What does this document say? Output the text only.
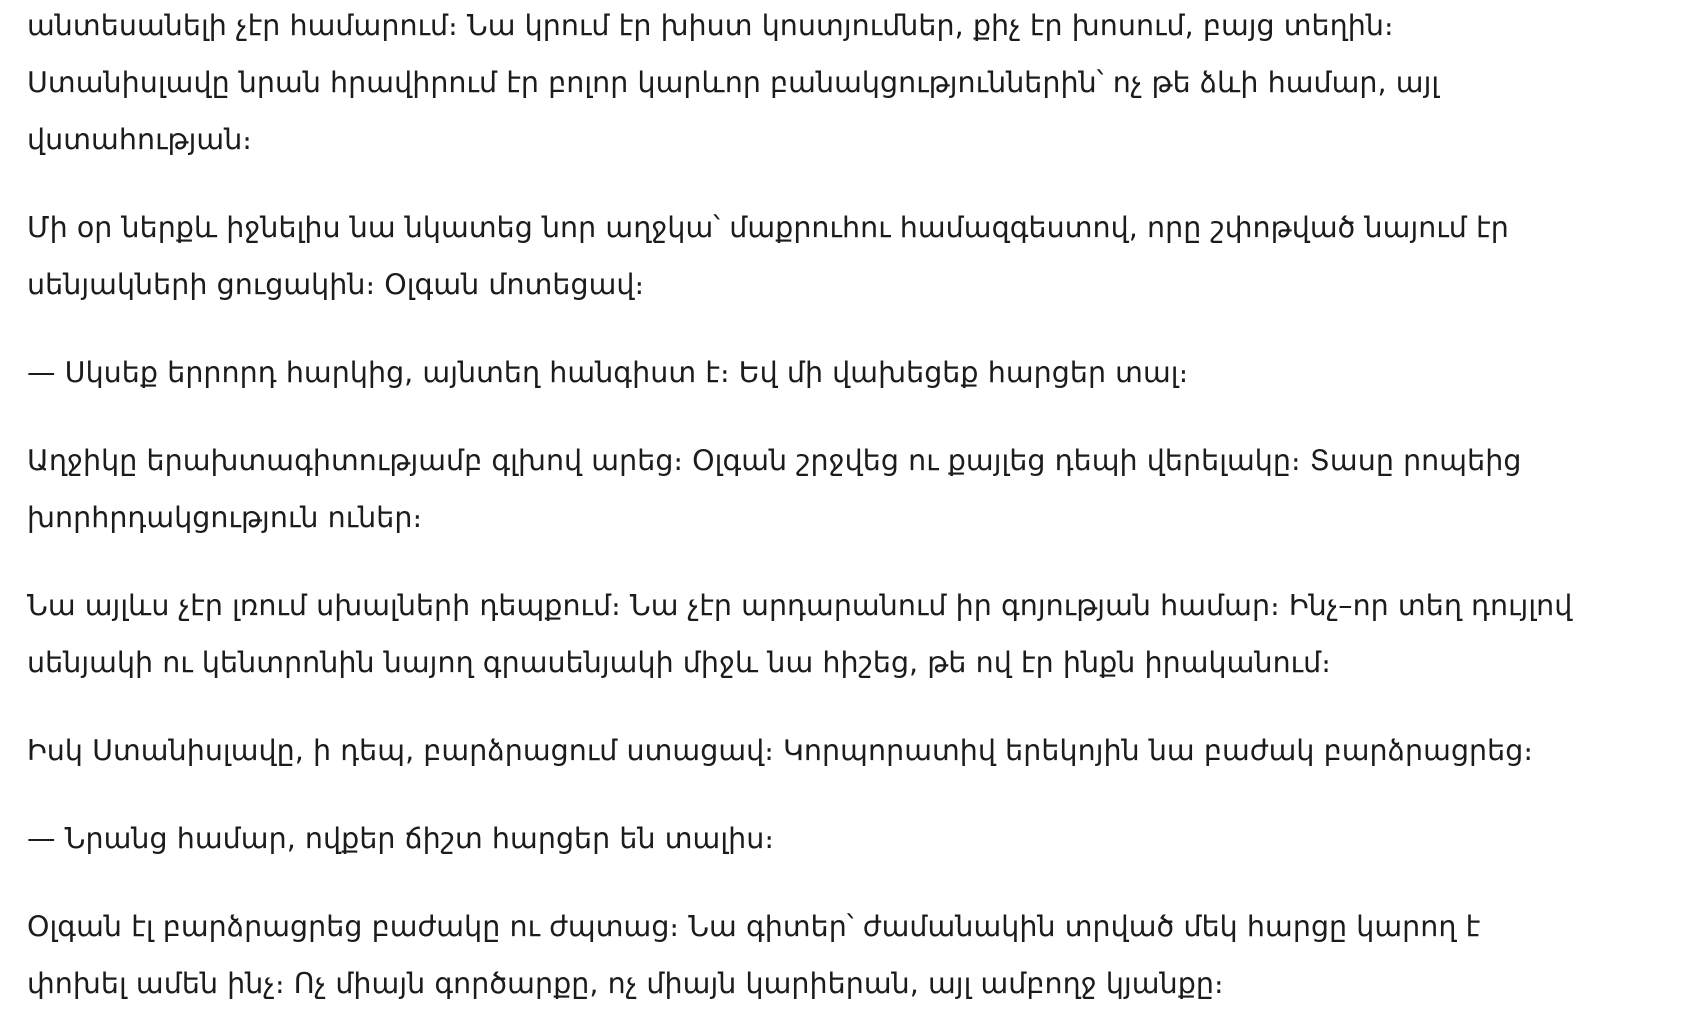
անտեսանելի չէր համարում։ Նա կրում էր խիստ կոստյումներ, քիչ էր խոսում, բայց տեղին։ Ստանիսլավը նրան հրավիրում էր բոլոր կարևոր բանակցություններին՝ ոչ թե ձևի համար, այլ վստահության։

Մի օր ներքև իջնելիս նա նկատեց նոր աղջկա՝ մաքրուհու համազգեստով, որը շփոթված նայում էր սենյակների ցուցակին։ Օլգան մոտեցավ։

— Սկսեք երրորդ հարկից, այնտեղ հանգիստ է։ Եվ մի վախեցեք հարցեր տալ։

Աղջիկը երախտագիտությամբ գլխով արեց։ Օլգան շրջվեց ու քայլեց դեպի վերելակը։ Տասը րոպեից խորհրդակցություն ուներ։

Նա այլևս չէր լռում սխալների դեպքում։ Նա չէր արդարանում իր գոյության համար։ Ինչ–որ տեղ դույլով սենյակի ու կենտրոնին նայող գրասենյակի միջև նա հիշեց, թե ով էր ինքն իրականում։

Իսկ Ստանիսլավը, ի դեպ, բարձրացում ստացավ։ Կորպորատիվ երեկոյին նա բաժակ բարձրացրեց։

— Նրանց համար, ովքեր ճիշտ հարցեր են տալիս։

Օլգան էլ բարձրացրեց բաժակը ու ժպտաց։ Նա գիտեր՝ ժամանակին տրված մեկ հարցը կարող է փոխել ամեն ինչ։ Ոչ միայն գործարքը, ոչ միայն կարիերան, այլ ամբողջ կյանքը։
